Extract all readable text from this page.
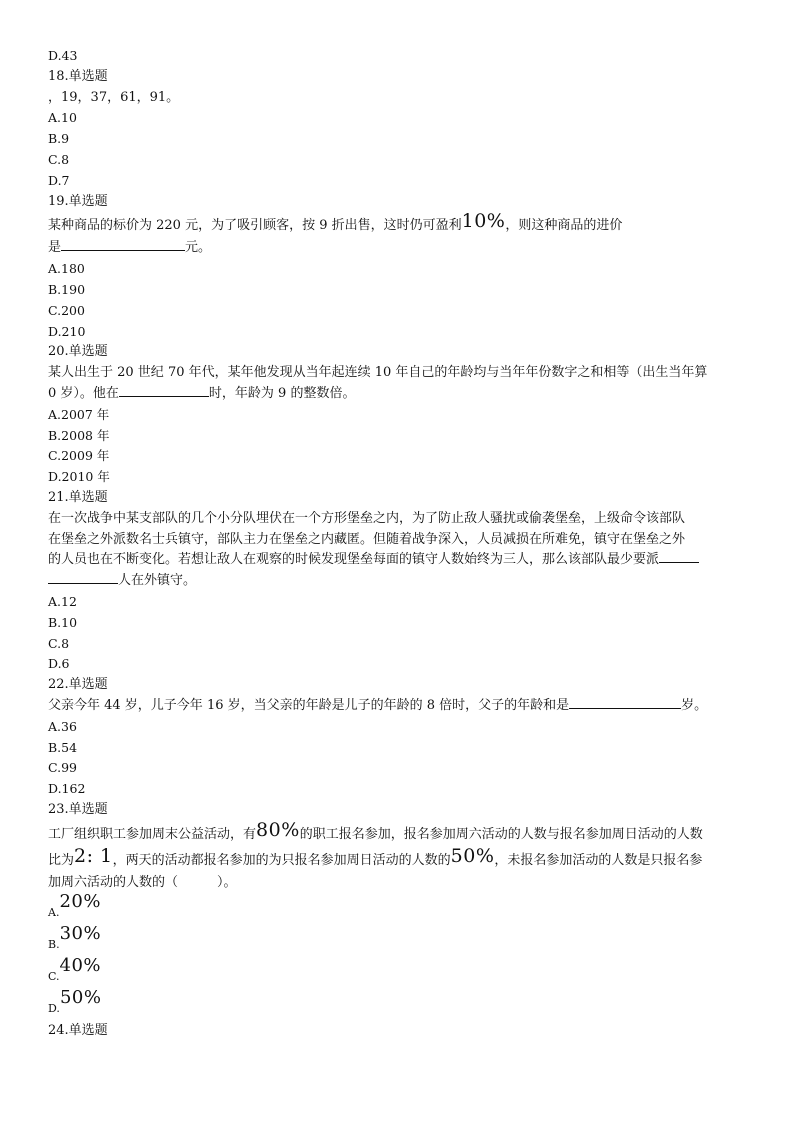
D.43

18.单选题

，19，37，61，91。

A.10

B.9

C.8

D.7

19.单选题

某种商品的标价为 220 元，为了吸引顾客，按 9 折出售，这时仍可盈利10%，则这种商品的进价

是	元。

A.180

B.190

C.200

D.210

20.单选题

某人出生于 20 世纪 70 年代，某年他发现从当年起连续 10 年自己的年龄均与当年年份数字之和相等（出生当年算

0 岁）。他在	时，年龄为 9 的整数倍。

A.2007 年

B.2008 年

C.2009 年

D.2010 年

21.单选题

在一次战争中某支部队的几个小分队埋伏在一个方形堡垒之内，为了防止敌人骚扰或偷袭堡垒，上级命令该部队

在堡垒之外派数名士兵镇守，部队主力在堡垒之内藏匿。但随着战争深入，人员减损在所难免，镇守在堡垒之外

的人员也在不断变化。若想让敌人在观察的时候发现堡垒每面的镇守人数始终为三人，那么该部队最少要派

人在外镇守。

A.12

B.10

C.8

D.6

22.单选题

父亲今年 44 岁，儿子今年 16 岁，当父亲的年龄是儿子的年龄的 8 倍时，父子的年龄和是	岁。

A.36

B.54

C.99

D.162

23.单选题

工厂组织职工参加周末公益活动，有80%的职工报名参加，报名参加周六活动的人数与报名参加周日活动的人数

比为2: 1，两天的活动都报名参加的为只报名参加周日活动的人数的50%，未报名参加活动的人数是只报名参

加周六活动的人数的（　　　）。

$_{A.}$20%

$_{B.}$30%

$_{C.}$40%

$_{D.}$50%

24.单选题
